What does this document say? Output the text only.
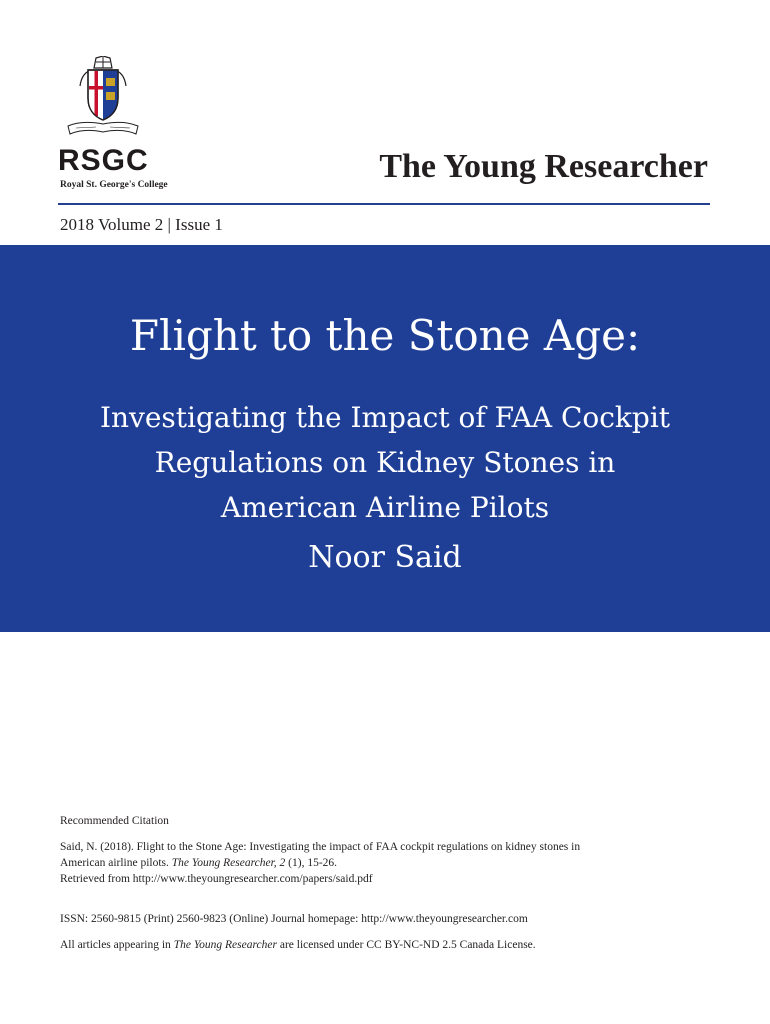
RSGC
Royal St. George's College	The Young Researcher
2018 Volume 2 | Issue 1
Flight to the Stone Age:
Investigating the Impact of FAA Cockpit
Regulations on Kidney Stones in
American Airline Pilots
Noor Said

Recommended Citation

Said, N. (2018). Flight to the Stone Age: Investigating the impact of FAA cockpit regulations on kidney stones in

American airline pilots. The Young Researcher, 2 (1), 15-26.

Retrieved from http://www.theyoungresearcher.com/papers/said.pdf

ISSN: 2560-9815 (Print) 2560-9823 (Online) Journal homepage: http://www.theyoungresearcher.com

All articles appearing in The Young Researcher are licensed under CC BY-NC-ND 2.5 Canada License.
